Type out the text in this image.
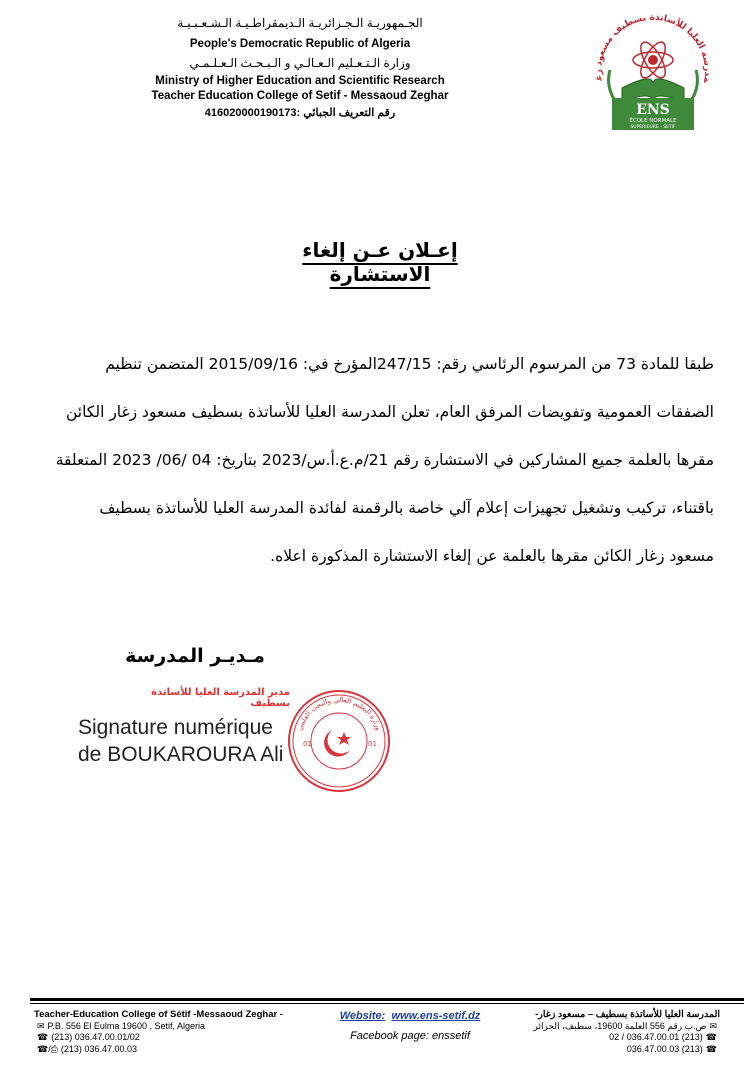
الجـمهوريـة الـجـزائريـة الـديمقراطـيـة الـشـعـبـيـة
People's Democratic Republic of Algeria
وزارة الـتـعـليم الـعـالـي و الـبـحـث الـعـلـمـي
Ministry of Higher Education and Scientific Research
Teacher Education College of Setif - Messaoud Zeghar
رقم التعريف الجبائي :416020000190173
مدرسة العليا للأساتذة بسطيف مسعود زغ
ENS
ÉCOLE NORMALE
SUPÉRIEURE - SETIF
إعـلان عـن إلغاء الاستشارة

طبقا للمادة 73 من المرسوم الرئاسي رقم: 247/15المؤرخ في: 2015/09/16 المتضمن تنظيم

الصفقات العمومية وتفويضات المرفق العام، تعلن المدرسة العليا للأساتذة بسطيف مسعود زغار الكائن

مقرها بالعلمة جميع المشاركين في الاستشارة رقم 21/م.ع.أ.س/2023 بتاريخ: 04 /06/ 2023 المتعلقة

باقتناء، تركيب وتشغيل تجهيزات إعلام آلي خاصة بالرقمنة لفائدة المدرسة العليا للأساتذة بسطيف

مسعود زغار الكائن مقرها بالعلمة عن إلغاء الاستشارة المذكورة اعلاه.

مـديـر المدرسة
مدير المدرسة العليا للأساتذة بسطيف
Signature numérique
de BOUKAROURA Ali
وزارة التعليم العالي والبحث العلمي
01	01
Teacher-Education College of Sétif -Messaoud Zeghar -
✉ P.B. 556 El Eulma 19600 , Setif, Algeria
☎ (213) 036.47.00.01/02
☎/⎙ (213) 036.47.00.03
Website: www.ens-setif.dz
Facebook page: enssetif
المدرسة العليا للأساتذة بسطيف – مسعود زغار-
✉ص.ب رقم 556 العلمة 19600، سطيف، الجزائر
☎(213) 036.47.00.01 / 02
☎(213) 036.47.00.03
